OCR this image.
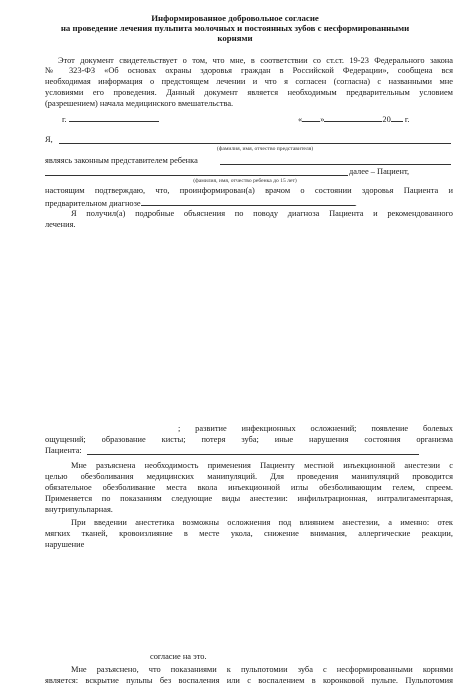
Информированное добровольное согласие
на проведение лечения пульпита молочных и постоянных зубов с несформированными
корнями
Этот документ свидетельствует о том, что мне, в соответствии со ст.ст. 19-23 Федерального закона
№ 323-ФЗ «Об основах охраны здоровья граждан в Российской Федерации», сообщена вся
необходимая информация о предстоящем лечении и что я согласен (согласна) с названными мне
условиями его проведения. Данный документ является необходимым предварительным условием
(разрешением) начала медицинского вмешательства.
г.	« »	20 г.
Я,
(фамилия, имя, отчество представителя)
являясь законным представителем ребенка
далее – Пациент,
(фамилия, имя, отчество ребенка до 15 лет)
настоящим подтверждаю, что, проинформирован(а) врачом о состоянии здоровья Пациента и
предварительном диагнозе	.
Я получил(а) подробные объяснения по поводу диагноза Пациента и рекомендованного
лечения.
; развитие инфекционных осложнений; появление болевых
ощущений; образование кисты; потеря зуба; иные нарушения состояния организма
Пациента:
Мне разъяснена необходимость применения Пациенту местной инъекционной анестезии с
целью обезболивания медицинских манипуляций. Для проведения манипуляций проводится
обязательное обезболивание места вкола инъекционной иглы обезболивающим гелем, спреем.
Применяется по показаниям следующие виды анестезии: инфильтрационная, интралигаментарная,
внутрипульпарная.
При введении анестетика возможны осложнения под влиянием анестезии, а именно: отек
мягких тканей, кровоизлияние в месте укола, снижение внимания, аллергические реакции,
нарушение
согласие на это.
Мне разъяснено, что показаниями к пульпотомии зуба с несформированными корнями
является: вскрытие пульпы без воспаления или с воспалением в коронковой пульпе. Пульпотомия
